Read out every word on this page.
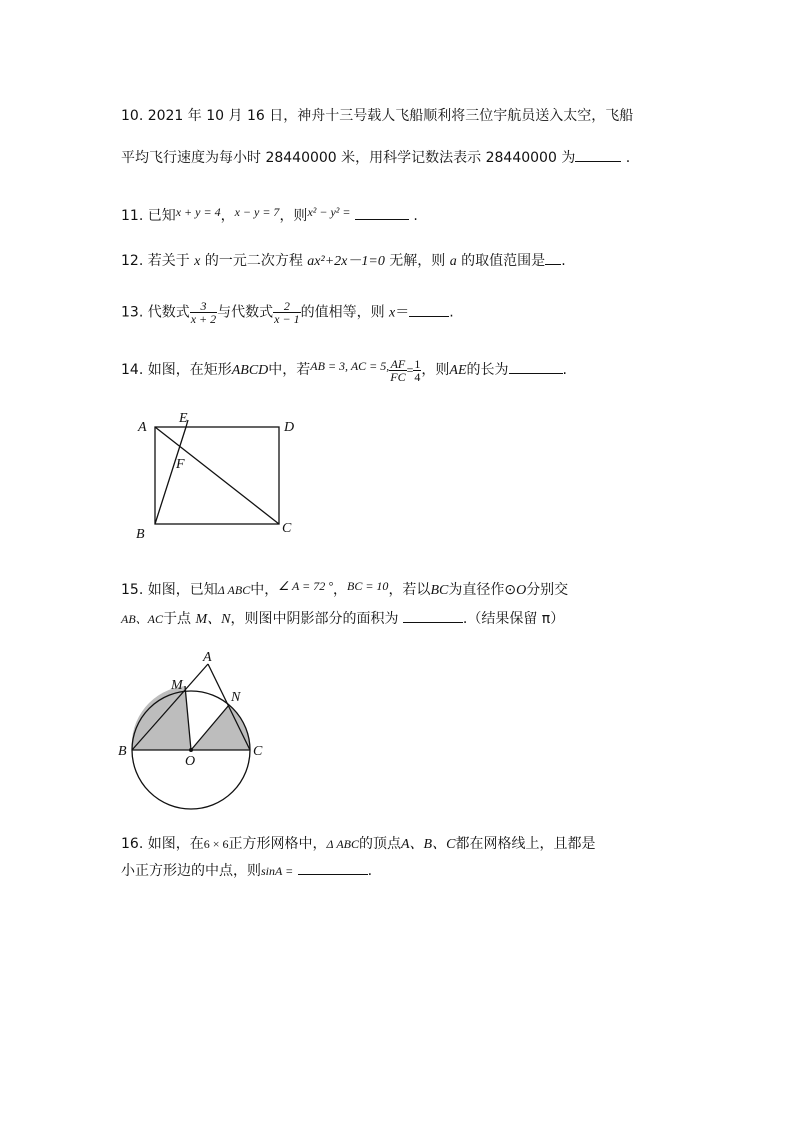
10. 2021 年 10 月 16 日，神舟十三号载人飞船顺利将三位宇航员送入太空，飞船
平均飞行速度为每小时 28440000 米，用科学记数法表示 28440000 为	.
11. 已知x + y = 4，x − y = 7，则x² − y² =	.
12. 若关于 x 的一元二次方程 ax²+2x－1=0 无解，则 a 的取值范围是 .
13. 代数式 $\frac{3}{x + 2}$ 与代数式 $\frac{2}{x - 1}$ 的值相等，则 x＝	.
14. 如图，在矩形ABCD中，若AB = 3, AC = 5, $\frac{AF}{FC} = \frac{1}{4}$ ，则AE的长为	.
A
E
D
F
B	C
15. 如图，已知Δ ABC中，∠ A = 72 °，BC = 10，若以BC为直径作⊙O分别交
AB、AC于点 M、N，则图中阴影部分的面积为	.（结果保留 π）
A
M
N
B
O
C
16. 如图，在6 × 6正方形网格中，Δ ABC的顶点A、B、C都在网格线上，且都是
小正方形边的中点，则sinA =	.
